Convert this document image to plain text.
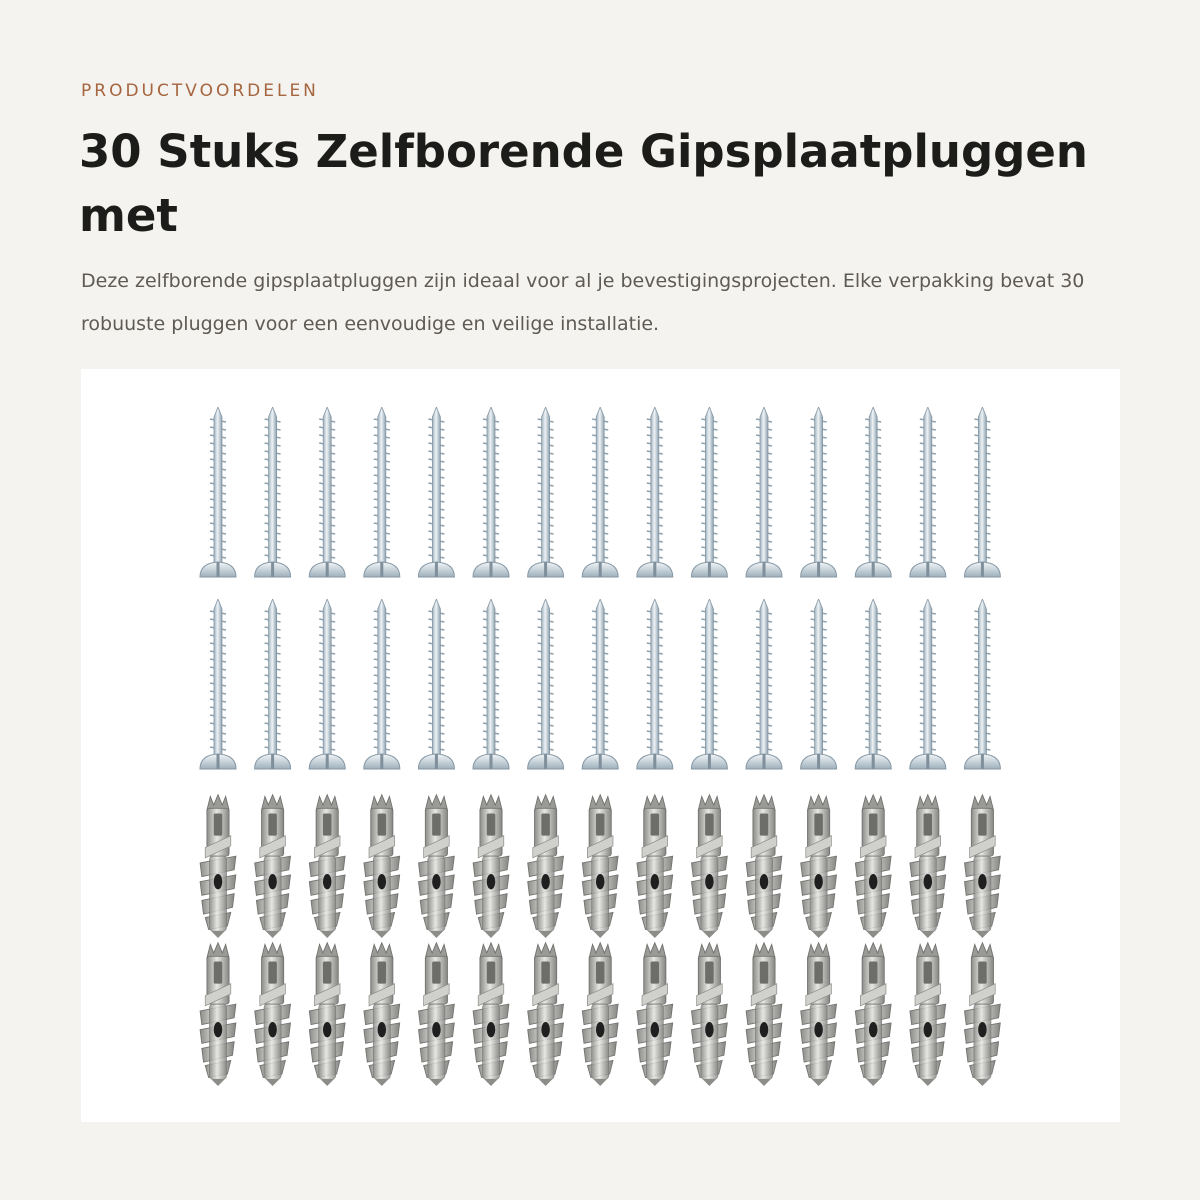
PRODUCTVOORDELEN
30 Stuks Zelfborende Gipsplaatpluggen met

Deze zelfborende gipsplaatpluggen zijn ideaal voor al je bevestigingsprojecten. Elke verpakking bevat 30 robuuste pluggen voor een eenvoudige en veilige installatie.
